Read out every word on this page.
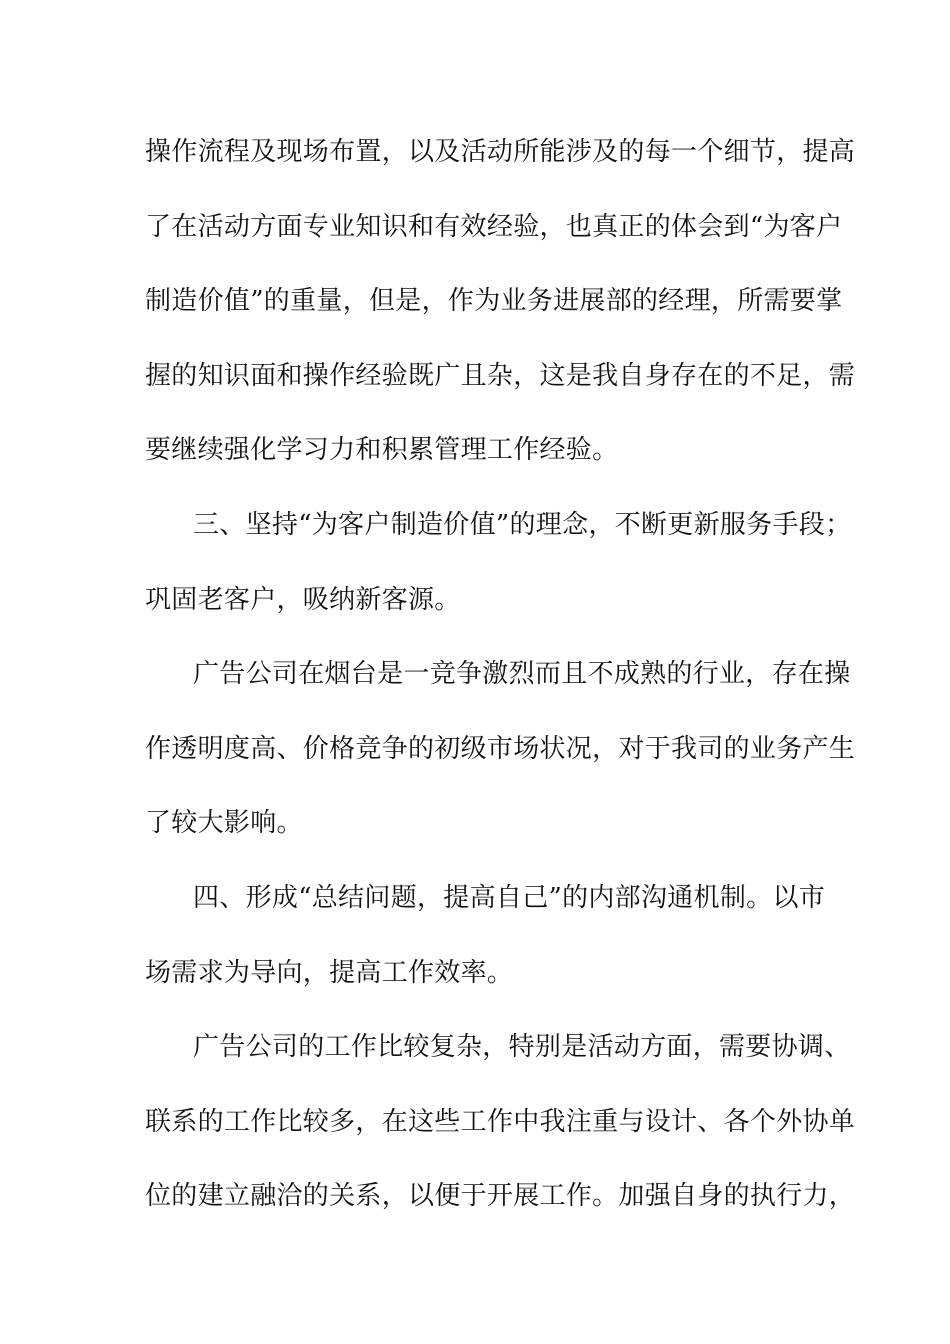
操作流程及现场布置，以及活动所能涉及的每一个细节，提高
了在活动方面专业知识和有效经验，也真正的体会到“为客户
制造价值”的重量，但是，作为业务进展部的经理，所需要掌
握的知识面和操作经验既广且杂，这是我自身存在的不足，需
要继续强化学习力和积累管理工作经验。
三、坚持“为客户制造价值”的理念，不断更新服务手段；
巩固老客户，吸纳新客源。
广告公司在烟台是一竞争激烈而且不成熟的行业，存在操
作透明度高、价格竞争的初级市场状况，对于我司的业务产生
了较大影响。
四、形成“总结问题，提高自己”的内部沟通机制。以市
场需求为导向，提高工作效率。
广告公司的工作比较复杂，特别是活动方面，需要协调、
联系的工作比较多，在这些工作中我注重与设计、各个外协单
位的建立融洽的关系，以便于开展工作。加强自身的执行力，
